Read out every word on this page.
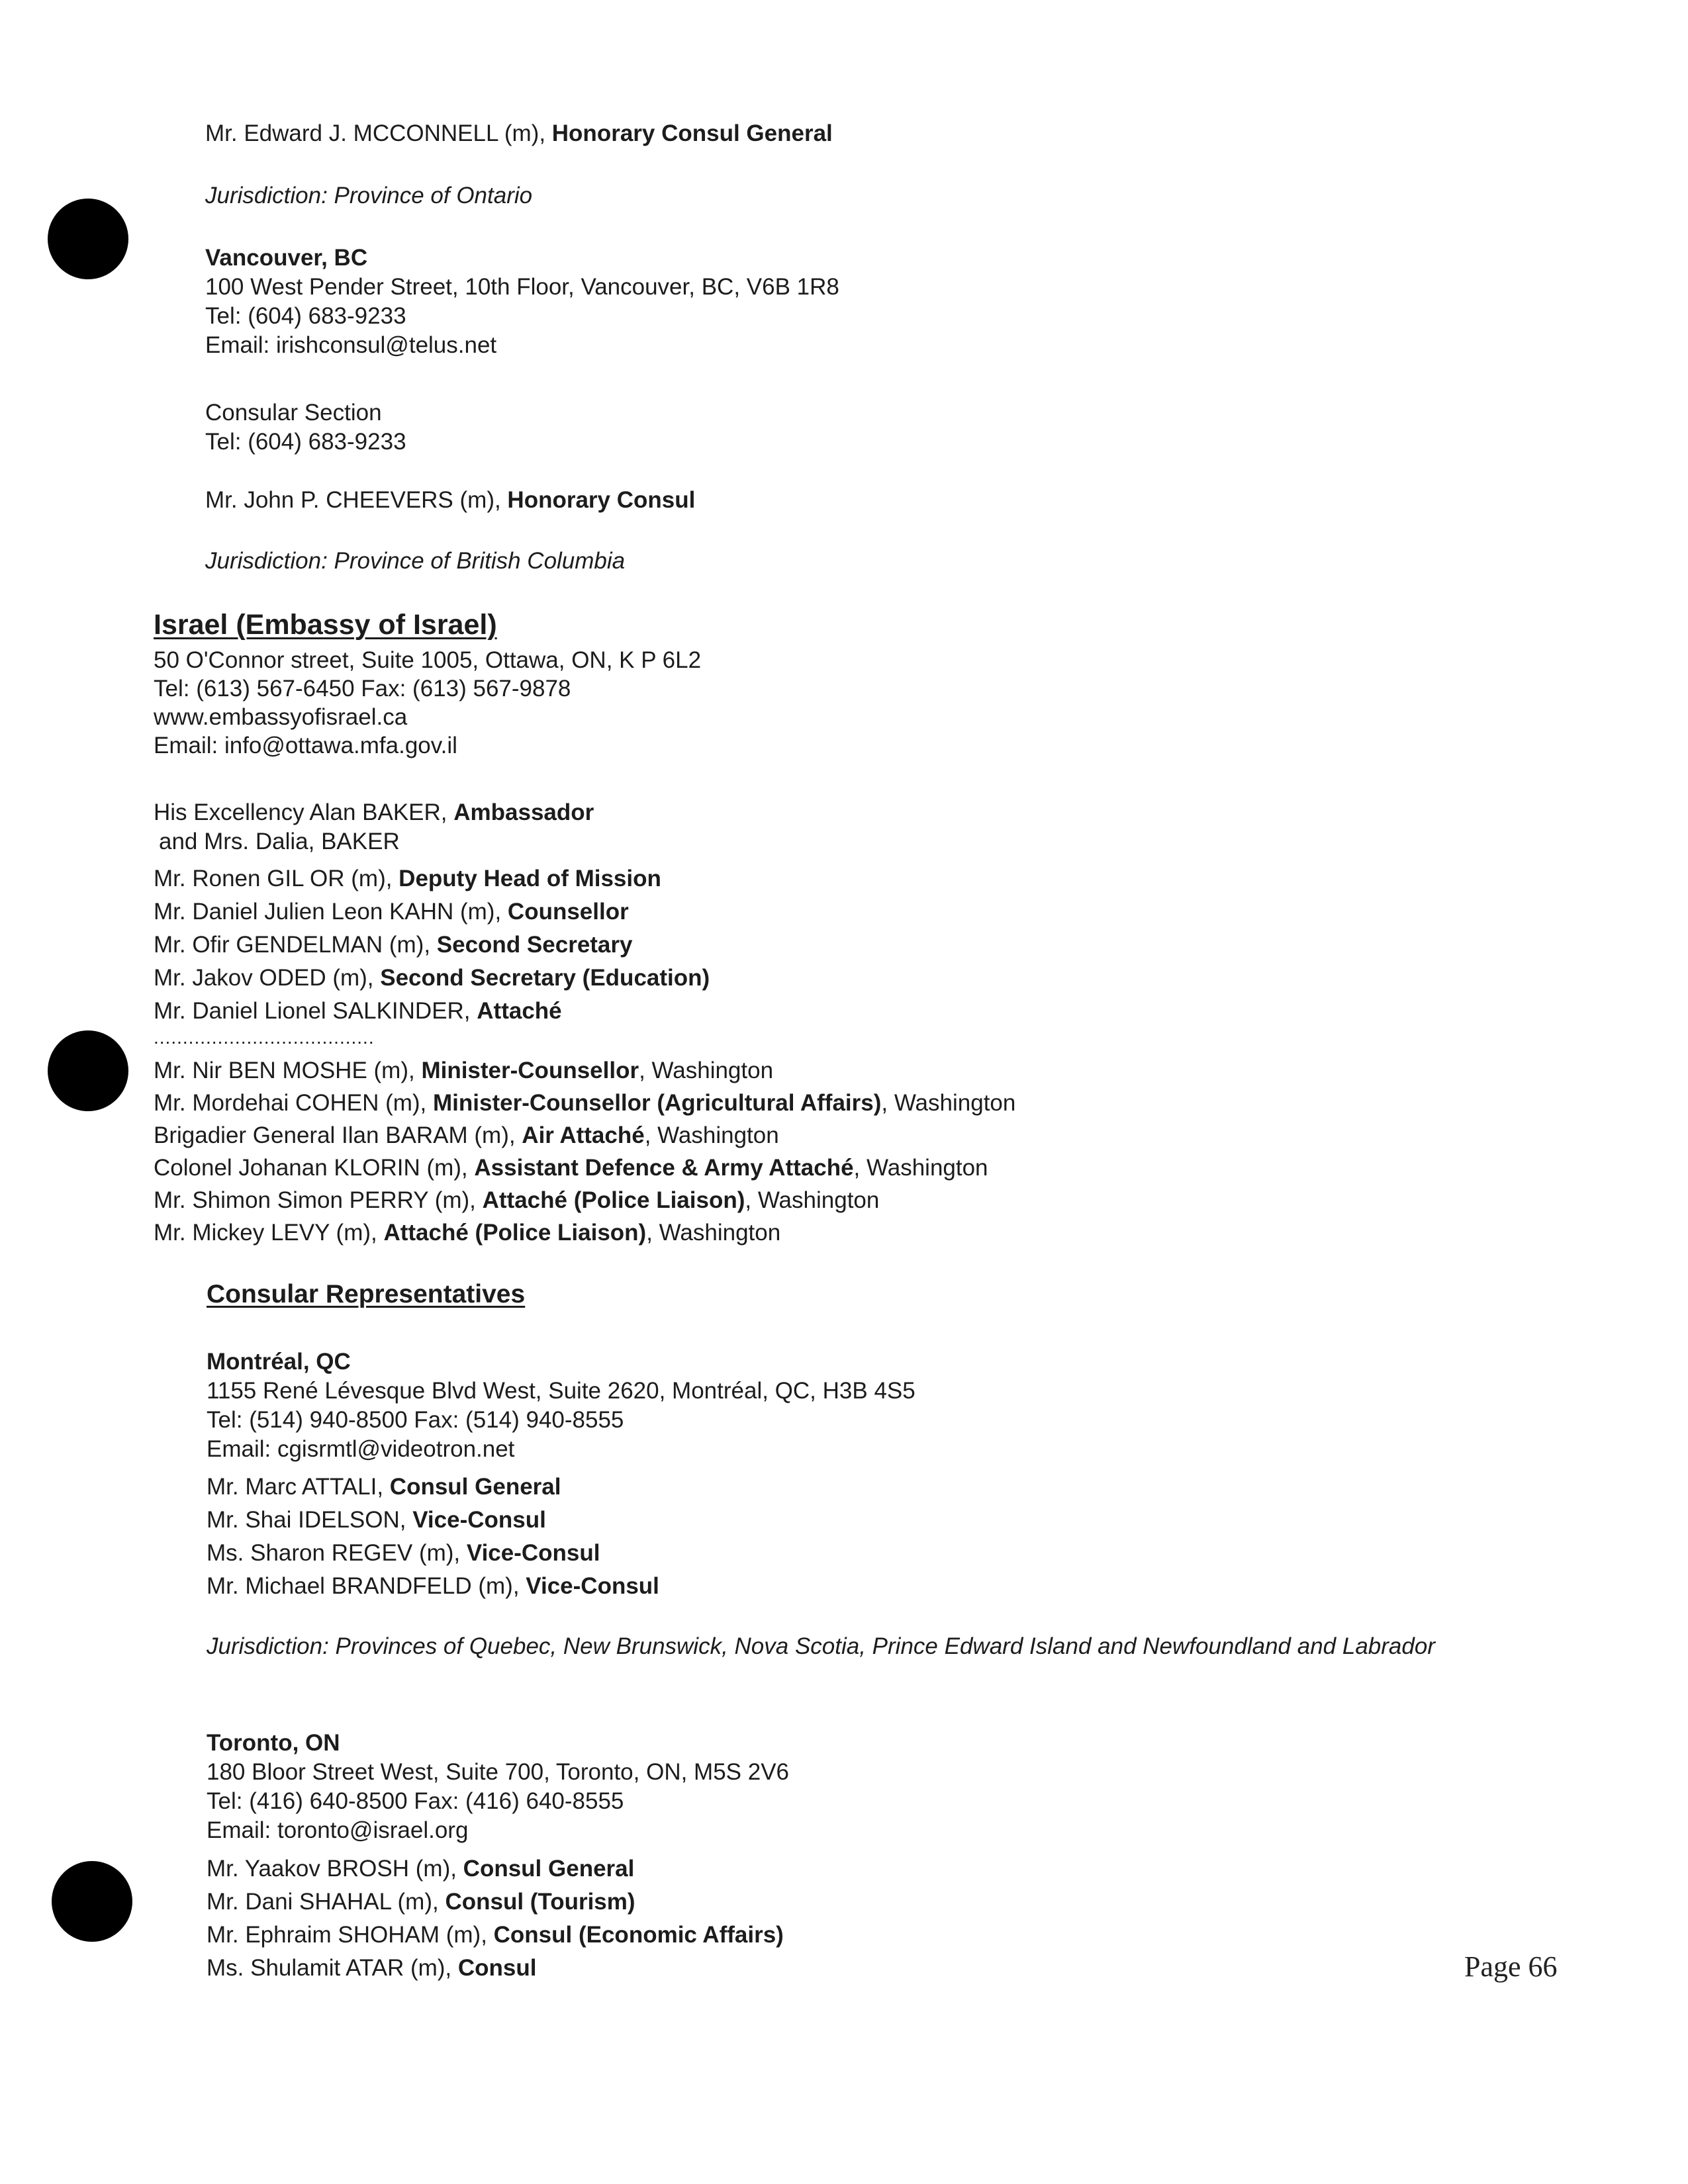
Mr. Edward J. MCCONNELL (m), Honorary Consul General
Jurisdiction: Province of Ontario
Vancouver, BC
100 West Pender Street, 10th Floor, Vancouver, BC, V6B 1R8
Tel: (604) 683-9233
Email: irishconsul@telus.net
Consular Section
Tel: (604) 683-9233
Mr. John P. CHEEVERS (m), Honorary Consul
Jurisdiction: Province of British Columbia
Israel (Embassy of Israel)
50 O'Connor street, Suite 1005, Ottawa, ON, K P 6L2
Tel: (613) 567-6450 Fax: (613) 567-9878
www.embassyofisrael.ca
Email: info@ottawa.mfa.gov.il
His Excellency Alan BAKER, Ambassador
and Mrs. Dalia, BAKER
Mr. Ronen GIL OR (m), Deputy Head of Mission
Mr. Daniel Julien Leon KAHN (m), Counsellor
Mr. Ofir GENDELMAN (m), Second Secretary
Mr. Jakov ODED (m), Second Secretary (Education)
Mr. Daniel Lionel SALKINDER, Attaché
......................................
Mr. Nir BEN MOSHE (m), Minister-Counsellor, Washington
Mr. Mordehai COHEN (m), Minister-Counsellor (Agricultural Affairs), Washington
Brigadier General Ilan BARAM (m), Air Attaché, Washington
Colonel Johanan KLORIN (m), Assistant Defence & Army Attaché, Washington
Mr. Shimon Simon PERRY (m), Attaché (Police Liaison), Washington
Mr. Mickey LEVY (m), Attaché (Police Liaison), Washington
Consular Representatives
Montréal, QC
1155 René Lévesque Blvd West, Suite 2620, Montréal, QC, H3B 4S5
Tel: (514) 940-8500 Fax: (514) 940-8555
Email: cgisrmtl@videotron.net
Mr. Marc ATTALI, Consul General
Mr. Shai IDELSON, Vice-Consul
Ms. Sharon REGEV (m), Vice-Consul
Mr. Michael BRANDFELD (m), Vice-Consul
Jurisdiction: Provinces of Quebec, New Brunswick, Nova Scotia, Prince Edward Island and Newfoundland and Labrador
Toronto, ON
180 Bloor Street West, Suite 700, Toronto, ON, M5S 2V6
Tel: (416) 640-8500 Fax: (416) 640-8555
Email: toronto@israel.org
Mr. Yaakov BROSH (m), Consul General
Mr. Dani SHAHAL (m), Consul (Tourism)
Mr. Ephraim SHOHAM (m), Consul (Economic Affairs)
Ms. Shulamit ATAR (m), Consul	Page 66
